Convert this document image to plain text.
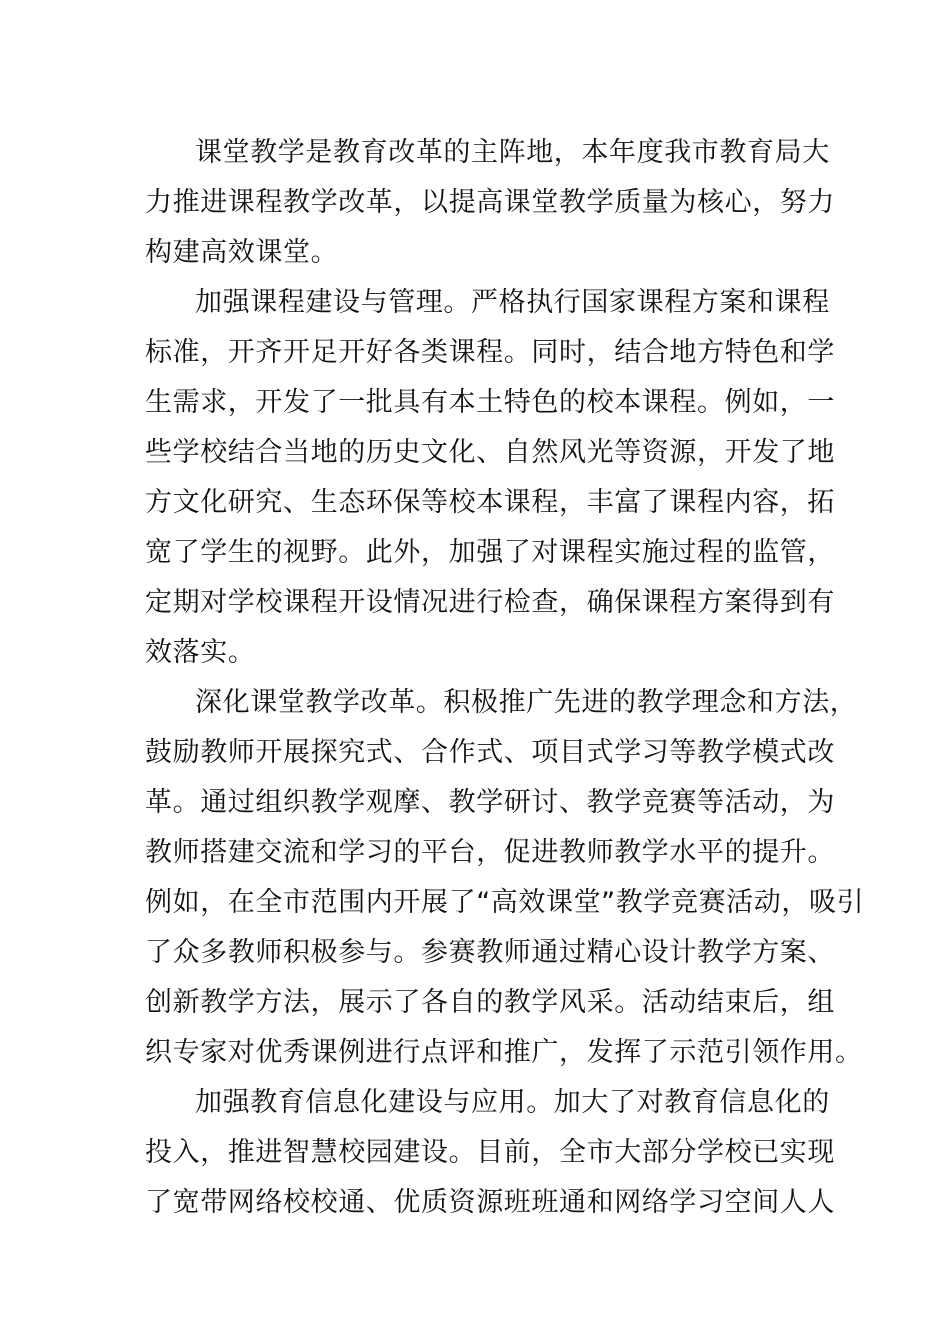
课堂教学是教育改革的主阵地，本年度我市教育局大
力推进课程教学改革，以提高课堂教学质量为核心，努力
构建高效课堂。
加强课程建设与管理。严格执行国家课程方案和课程
标准，开齐开足开好各类课程。同时，结合地方特色和学
生需求，开发了一批具有本土特色的校本课程。例如，一
些学校结合当地的历史文化、自然风光等资源，开发了地
方文化研究、生态环保等校本课程，丰富了课程内容，拓
宽了学生的视野。此外，加强了对课程实施过程的监管，
定期对学校课程开设情况进行检查，确保课程方案得到有
效落实。
深化课堂教学改革。积极推广先进的教学理念和方法，
鼓励教师开展探究式、合作式、项目式学习等教学模式改
革。通过组织教学观摩、教学研讨、教学竞赛等活动，为
教师搭建交流和学习的平台，促进教师教学水平的提升。
例如，在全市范围内开展了“高效课堂”教学竞赛活动，吸引
了众多教师积极参与。参赛教师通过精心设计教学方案、
创新教学方法，展示了各自的教学风采。活动结束后，组
织专家对优秀课例进行点评和推广，发挥了示范引领作用。
加强教育信息化建设与应用。加大了对教育信息化的
投入，推进智慧校园建设。目前，全市大部分学校已实现
了宽带网络校校通、优质资源班班通和网络学习空间人人
